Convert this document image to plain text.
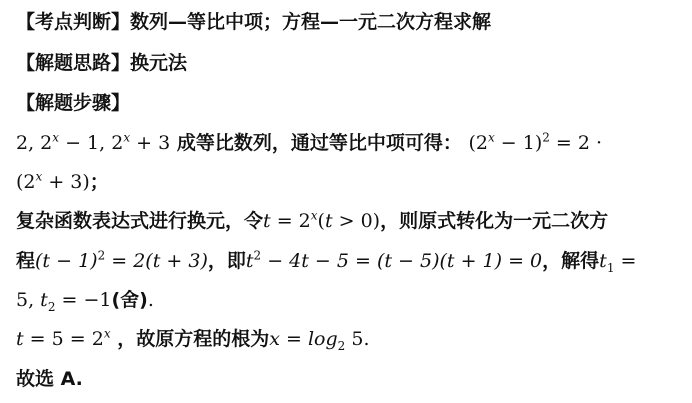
【考点判断】数列—等比中项；方程—一元二次方程求解
【解题思路】换元法
【解题步骤】
2, $2^x - 1$, $2^x + 3$ 成等比数列，通过等比中项可得： $(2^x - 1)^2 = 2$ ·
$(2^x + 3)$；
复杂函数表达式进行换元，令$t = 2^x(t > 0)$，则原式转化为一元二次方
程$(t - 1)^2 = 2(t + 3)$，即$t^2 - 4t - 5 = (t - 5)(t + 1) = 0$，解得$t_1$ =
5, $t_2 = -1$(舍).
$t = 5 = 2^x$ ，故原方程的根为$x = \log_2 5$.
故选 A.
